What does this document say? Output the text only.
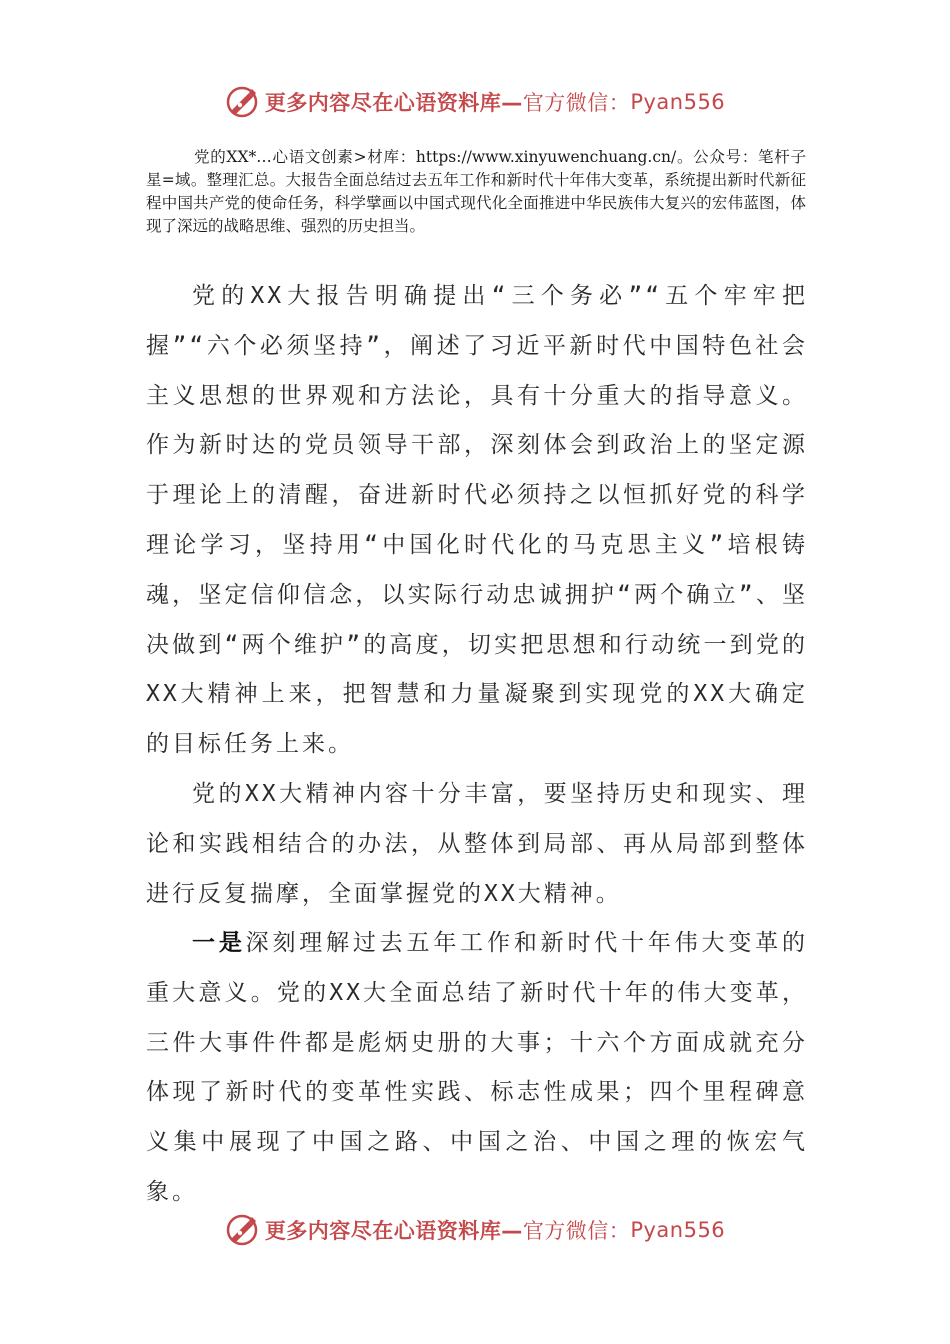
更多内容尽在心语资料库— 官方微信： Pyan556

党的XX*…心语文创素>材库：https://www.xinyuwenchuang.cn/。公众号：笔杆子星=域。整理汇总。大报告全面总结过去五年工作和新时代十年伟大变革，系统提出新时代新征程中国共产党的使命任务，科学擘画以中国式现代化全面推进中华民族伟大复兴的宏伟蓝图，体现了深远的战略思维、强烈的历史担当。

党的XX大报告明确提出“三个务必”“五个牢牢把握”“六个必须坚持”，阐述了习近平新时代中国特色社会主义思想的世界观和方法论，具有十分重大的指导意义。作为新时达的党员领导干部，深刻体会到政治上的坚定源于理论上的清醒，奋进新时代必须持之以恒抓好党的科学理论学习，坚持用“中国化时代化的马克思主义”培根铸魂，坚定信仰信念，以实际行动忠诚拥护“两个确立”、坚决做到“两个维护”的高度，切实把思想和行动统一到党的XX大精神上来，把智慧和力量凝聚到实现党的XX大确定的目标任务上来。

党的XX大精神内容十分丰富，要坚持历史和现实、理论和实践相结合的办法，从整体到局部、再从局部到整体进行反复揣摩，全面掌握党的XX大精神。

一是深刻理解过去五年工作和新时代十年伟大变革的重大意义。党的XX大全面总结了新时代十年的伟大变革，三件大事件件都是彪炳史册的大事；十六个方面成就充分体现了新时代的变革性实践、标志性成果；四个里程碑意义集中展现了中国之路、中国之治、中国之理的恢宏气象。

更多内容尽在心语资料库— 官方微信： Pyan556
